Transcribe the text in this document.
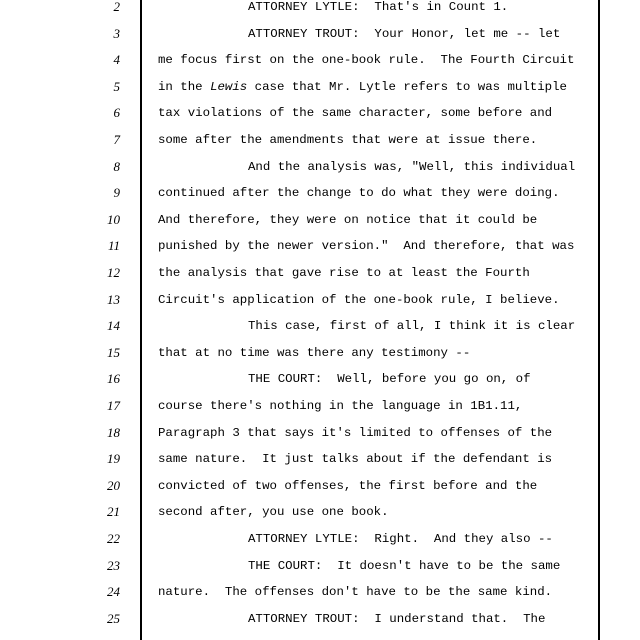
2	ATTORNEY LYTLE:  That's in Count 1.
3	ATTORNEY TROUT:  Your Honor, let me -- let
4	me focus first on the one-book rule.  The Fourth Circuit
5	in the Lewis case that Mr. Lytle refers to was multiple
6	tax violations of the same character, some before and
7	some after the amendments that were at issue there.
8	And the analysis was, "Well, this individual
9	continued after the change to do what they were doing.
10	And therefore, they were on notice that it could be
11	punished by the newer version."  And therefore, that was
12	the analysis that gave rise to at least the Fourth
13	Circuit's application of the one-book rule, I believe.
14	This case, first of all, I think it is clear
15	that at no time was there any testimony --
16	THE COURT:  Well, before you go on, of
17	course there's nothing in the language in 1B1.11,
18	Paragraph 3 that says it's limited to offenses of the
19	same nature.  It just talks about if the defendant is
20	convicted of two offenses, the first before and the
21	second after, you use one book.
22	ATTORNEY LYTLE:  Right.  And they also --
23	THE COURT:  It doesn't have to be the same
24	nature.  The offenses don't have to be the same kind.
25	ATTORNEY TROUT:  I understand that.  The
